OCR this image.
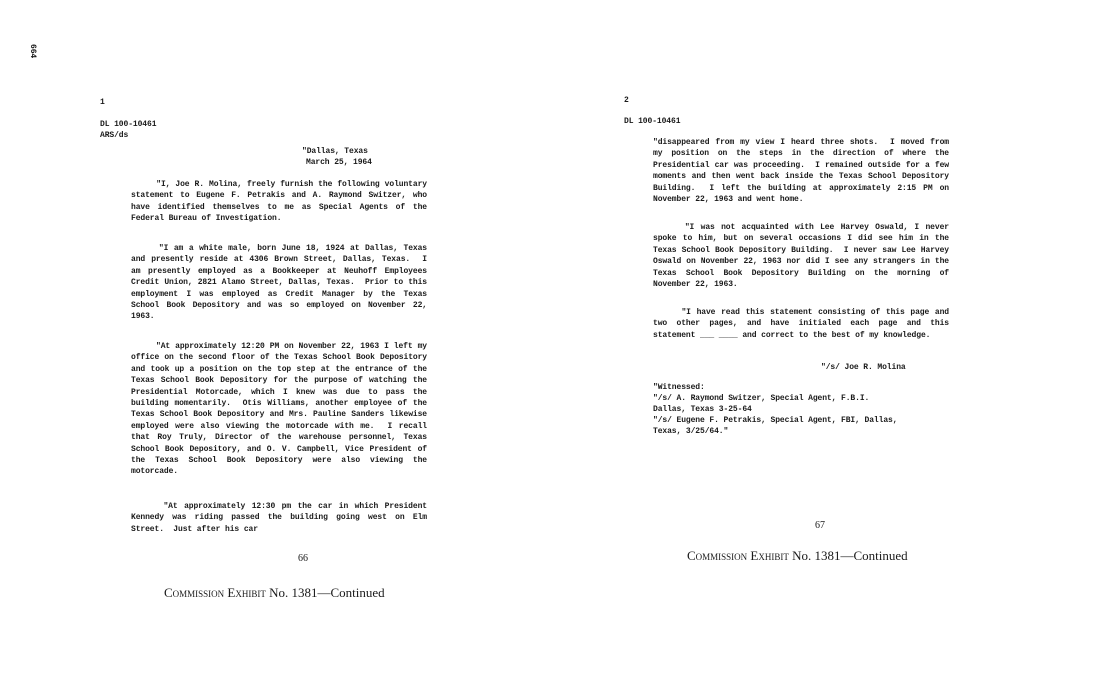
664
1
DL 100-10461
ARS/ds
"Dallas, Texas
March 25, 1964
"I, Joe R. Molina, freely furnish the following voluntary statement to Eugene F. Petrakis and A. Raymond Switzer, who have identified themselves to me as Special Agents of the Federal Bureau of Investigation.
"I am a white male, born June 18, 1924 at Dallas, Texas and presently reside at 4306 Brown Street, Dallas, Texas.  I am presently employed as a Bookkeeper at Neuhoff Employees Credit Union, 2821 Alamo Street, Dallas, Texas.  Prior to this employment I was employed as Credit Manager by the Texas School Book Depository and was so employed on November 22, 1963.
"At approximately 12:20 PM on November 22, 1963 I left my office on the second floor of the Texas School Book Depository and took up a position on the top step at the entrance of the Texas School Book Depository for the purpose of watching the Presidential Motorcade, which I knew was due to pass the building momentarily.  Otis Williams, another employee of the Texas School Book Depository and Mrs. Pauline Sanders likewise employed were also viewing the motorcade with me.  I recall that Roy Truly, Director of the warehouse personnel, Texas School Book Depository, and O. V. Campbell, Vice President of the Texas School Book Depository were also viewing the motorcade.
"At approximately 12:30 pm the car in which President Kennedy was riding passed the building going west on Elm Street.  Just after his car
66
Commission Exhibit No. 1381—Continued
2
DL 100-10461
"disappeared from my view I heard three shots.  I moved from my position on the steps in the direction of where the Presidential car was proceeding.  I remained outside for a few moments and then went back inside the Texas School Depository Building.  I left the building at approximately 2:15 PM on November 22, 1963 and went home.
"I was not acquainted with Lee Harvey Oswald, I never spoke to him, but on several occasions I did see him in the Texas School Book Depository Building.  I never saw Lee Harvey Oswald on November 22, 1963 nor did I see any strangers in the Texas School Book Depository Building on the morning of November 22, 1963.
"I have read this statement consisting of this page and two other pages, and have initialed each page and this statement ___ ____ and correct to the best of my knowledge.
"/s/ Joe R. Molina
"Witnessed:
"/s/ A. Raymond Switzer, Special Agent, F.B.I.
Dallas, Texas 3-25-64
"/s/ Eugene F. Petrakis, Special Agent, FBI, Dallas,
Texas, 3/25/64."
67
Commission Exhibit No. 1381—Continued
